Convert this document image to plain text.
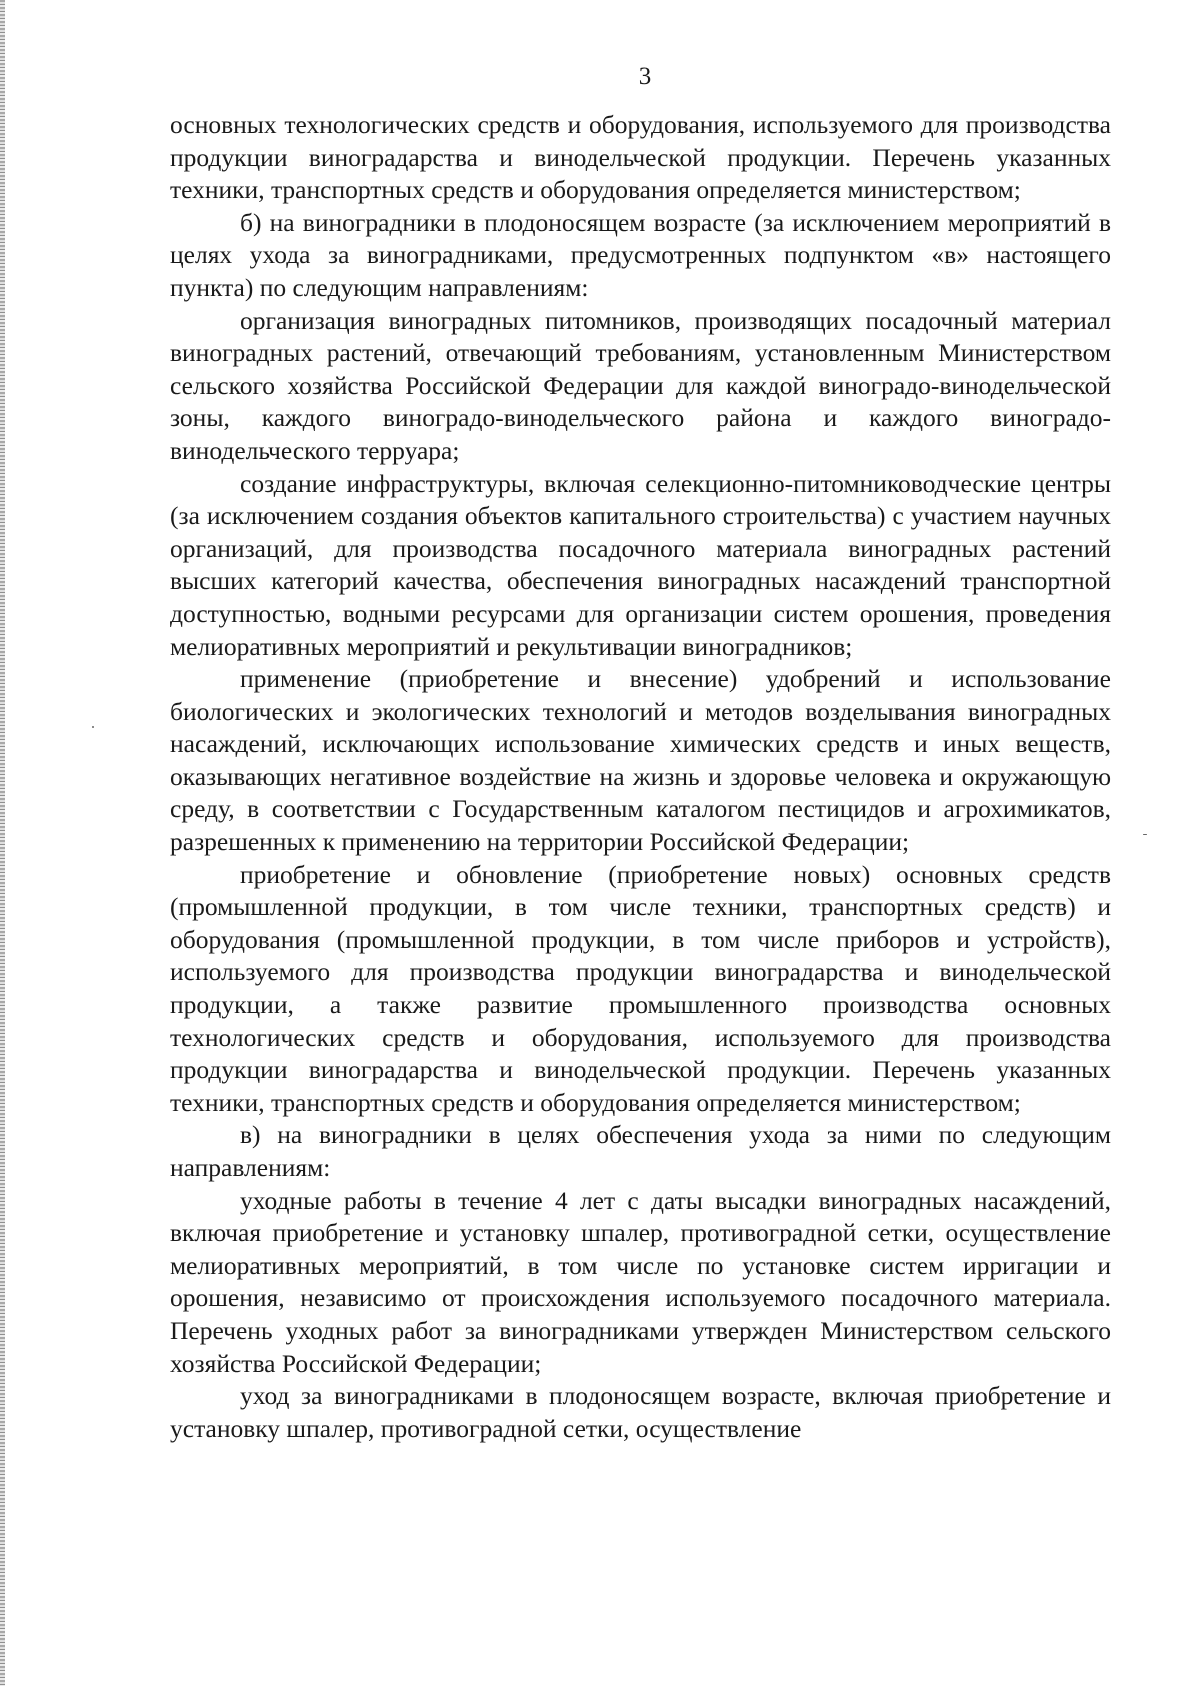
3

основных технологических средств и оборудования, используемого для производства продукции виноградарства и винодельческой продукции. Перечень указанных техники, транспортных средств и оборудования определяется министерством;

б) на виноградники в плодоносящем возрасте (за исключением мероприятий в целях ухода за виноградниками, предусмотренных подпунктом «в» настоящего пункта) по следующим направлениям:

организация виноградных питомников, производящих посадочный материал виноградных растений, отвечающий требованиям, установленным Министерством сельского хозяйства Российской Федерации для каждой виноградо-винодельческой зоны, каждого виноградо-винодельческого района и каждого виноградо-винодельческого терруара;

создание инфраструктуры, включая селекционно-питомниководческие центры (за исключением создания объектов капитального строительства) с участием научных организаций, для производства посадочного материала виноградных растений высших категорий качества, обеспечения виноградных насаждений транспортной доступностью, водными ресурсами для организации систем орошения, проведения мелиоративных мероприятий и рекультивации виноградников;

применение (приобретение и внесение) удобрений и использование биологических и экологических технологий и методов возделывания виноградных насаждений, исключающих использование химических средств и иных веществ, оказывающих негативное воздействие на жизнь и здоровье человека и окружающую среду, в соответствии с Государственным каталогом пестицидов и агрохимикатов, разрешенных к применению на территории Российской Федерации;

приобретение и обновление (приобретение новых) основных средств (промышленной продукции, в том числе техники, транспортных средств) и оборудования (промышленной продукции, в том числе приборов и устройств), используемого для производства продукции виноградарства и винодельческой продукции, а также развитие промышленного производства основных технологических средств и оборудования, используемого для производства продукции виноградарства и винодельческой продукции. Перечень указанных техники, транспортных средств и оборудования определяется министерством;

в) на виноградники в целях обеспечения ухода за ними по следующим направлениям:

уходные работы в течение 4 лет с даты высадки виноградных насаждений, включая приобретение и установку шпалер, противоградной сетки, осуществление мелиоративных мероприятий, в том числе по установке систем ирригации и орошения, независимо от происхождения используемого посадочного материала. Перечень уходных работ за виноградниками утвержден Министерством сельского хозяйства Российской Федерации;

уход за виноградниками в плодоносящем возрасте, включая приобретение и установку шпалер, противоградной сетки, осуществление
